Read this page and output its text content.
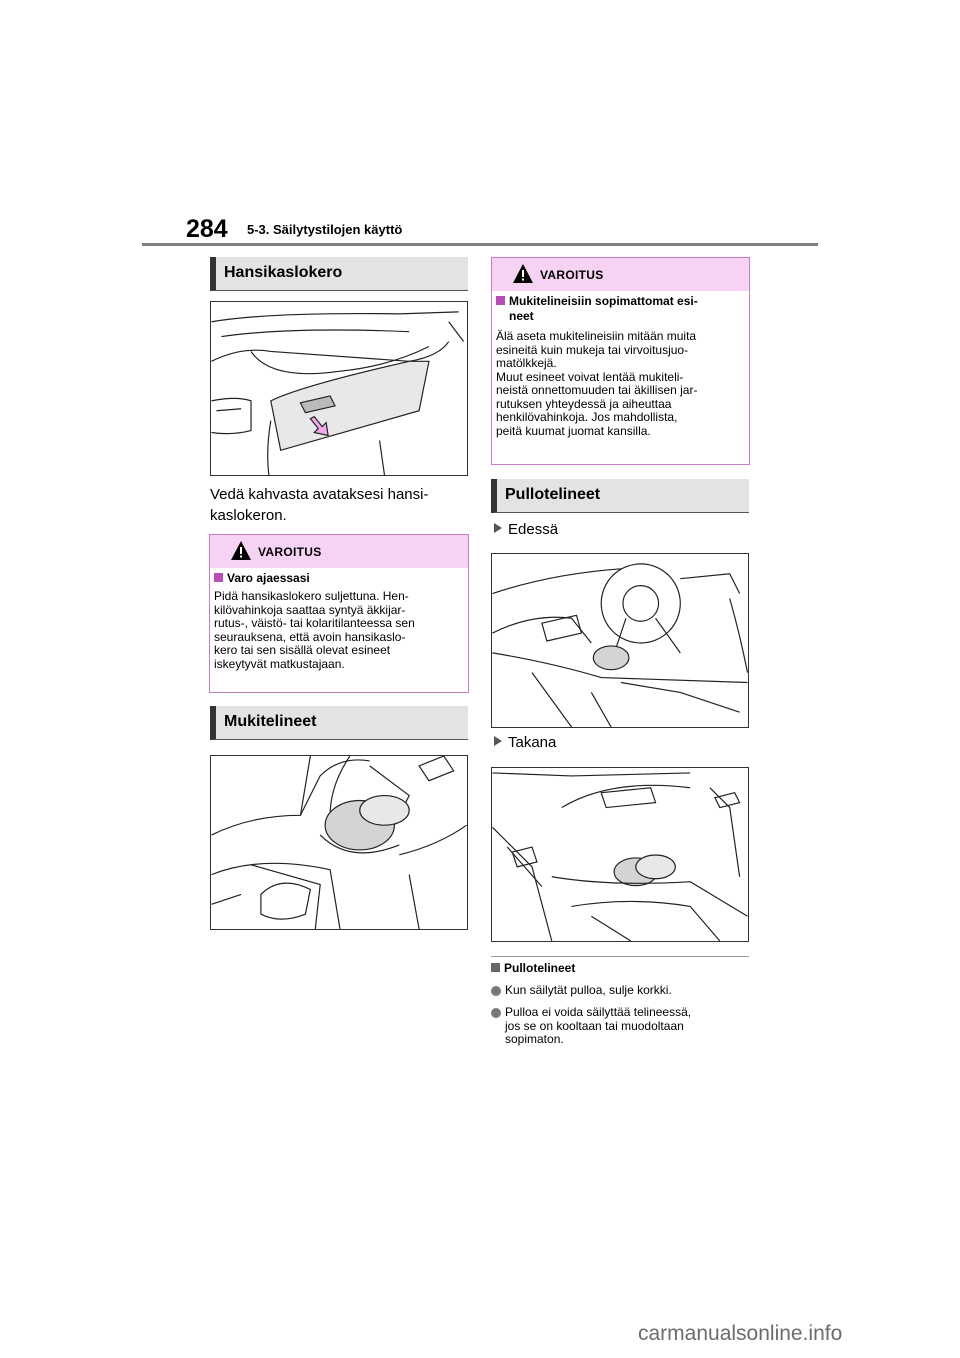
284 5-3. Säilytystilojen käyttö
Hansikaslokero
Vedä kahvasta avataksesi hansi-
kaslokeron.
VAROITUS
Varo ajaessasi
Pidä hansikaslokero suljettuna. Hen-
kilövahinkoja saattaa syntyä äkkijar-
rutus-, väistö- tai kolaritilanteessa sen
seurauksena, että avoin hansikaslo-
kero tai sen sisällä olevat esineet
iskeytyvät matkustajaan.
Mukitelineet
VAROITUS
Mukitelineisiin sopimattomat esi-
neet
Älä aseta mukitelineisiin mitään muita
esineitä kuin mukeja tai virvoitusjuo-
matölkkejä.
Muut esineet voivat lentää mukiteli-
neistä onnettomuuden tai äkillisen jar-
rutuksen yhteydessä ja aiheuttaa
henkilövahinkoja. Jos mahdollista,
peitä kuumat juomat kansilla.
Pullotelineet
Edessä
Takana
Pullotelineet
Kun säilytät pulloa, sulje korkki.
Pulloa ei voida säilyttää telineessä,
jos se on kooltaan tai muodoltaan
sopimaton.
carmanualsonline.info
